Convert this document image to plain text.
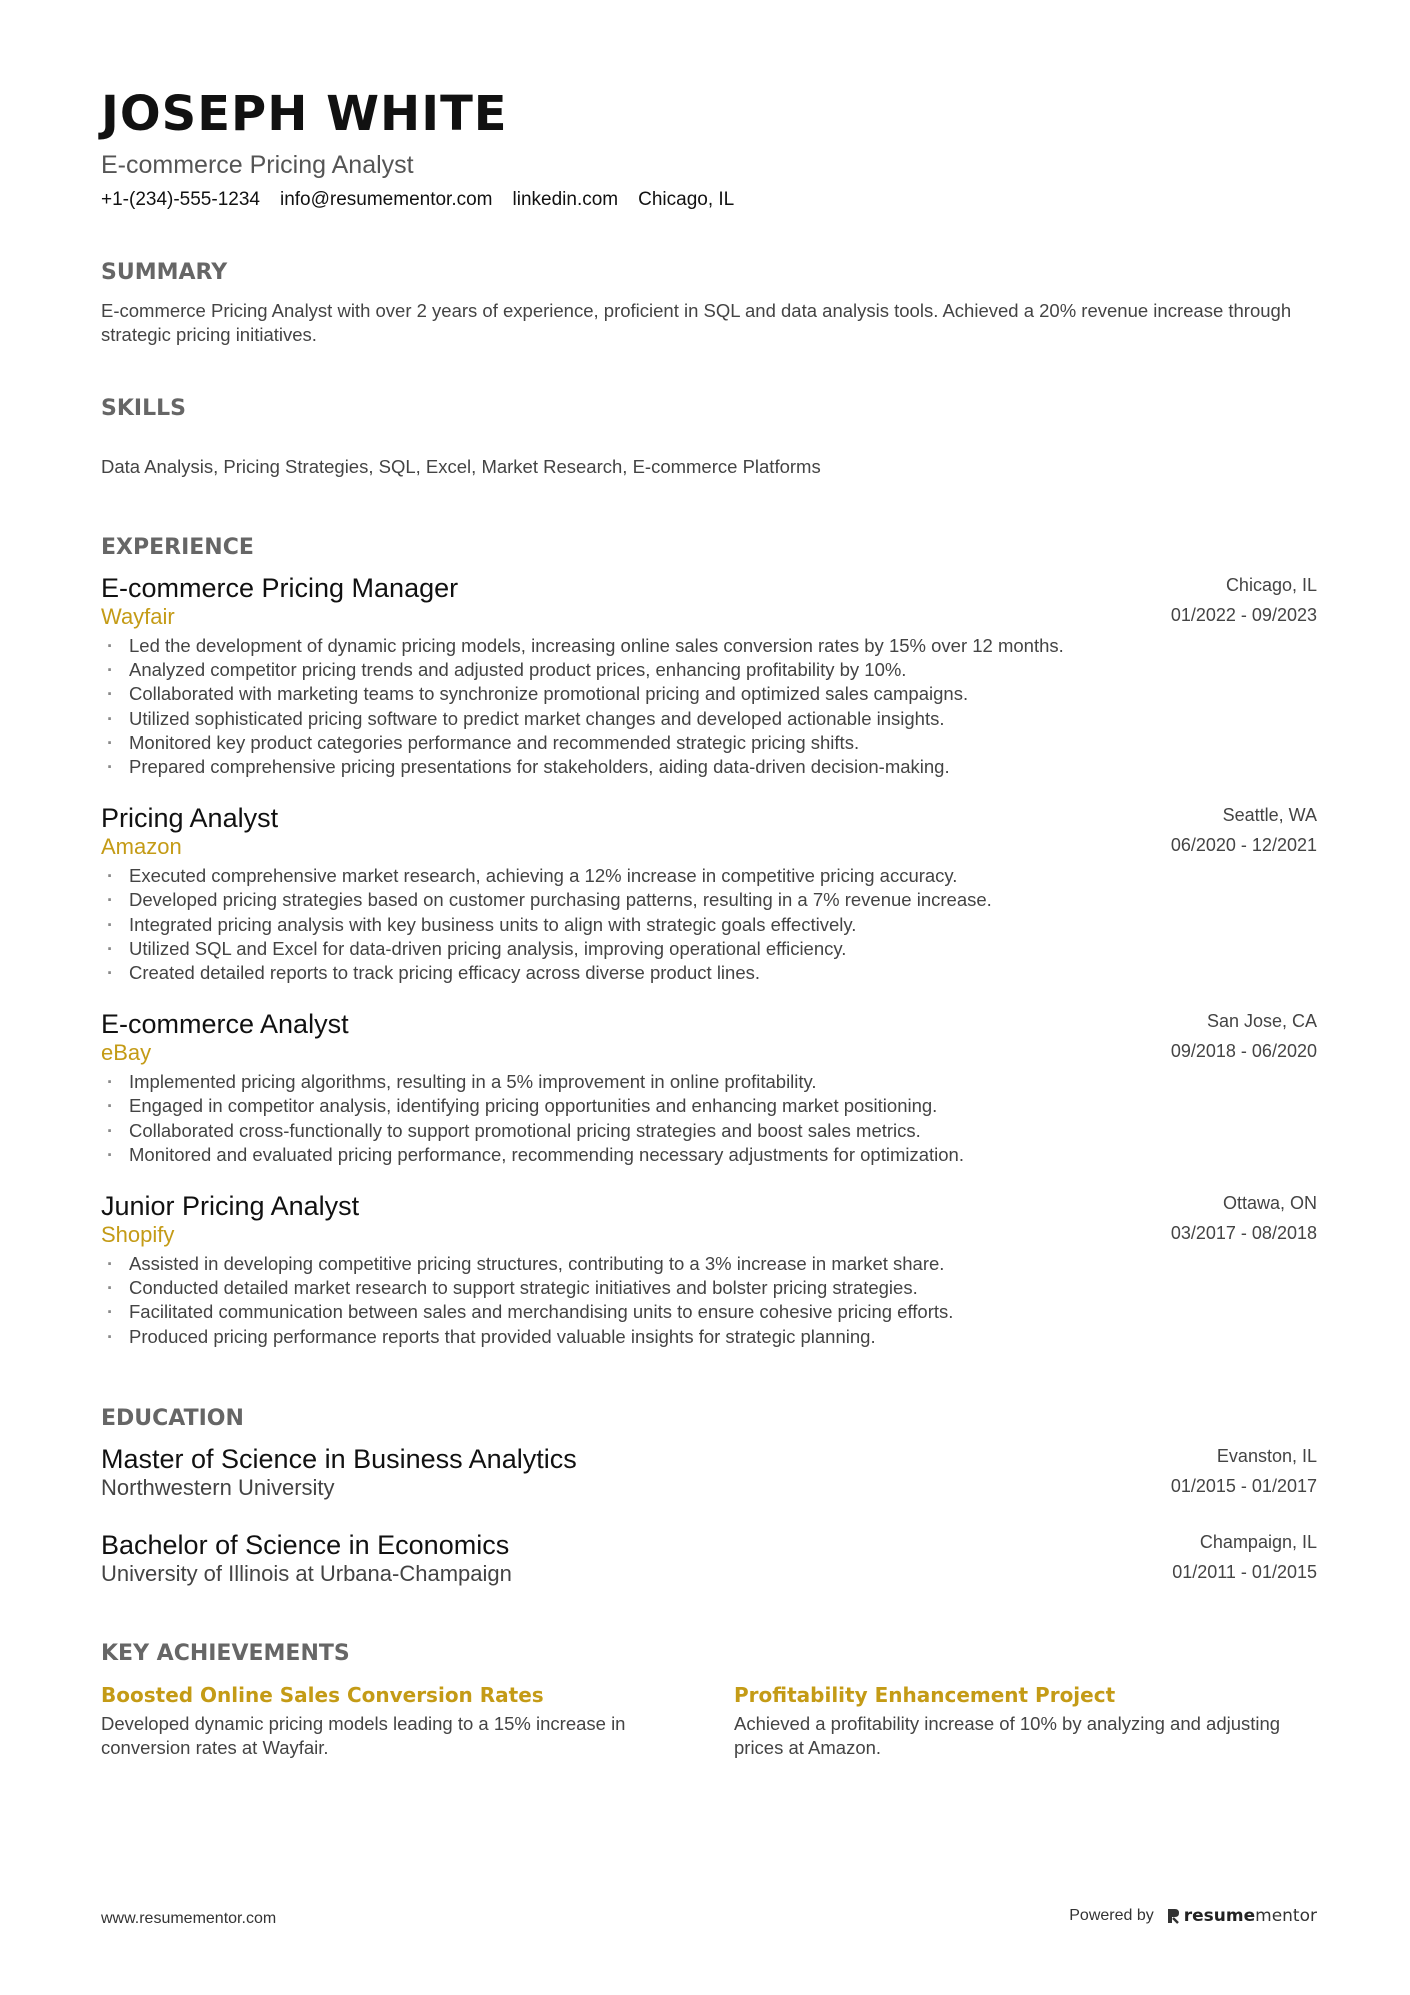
JOSEPH WHITE
E-commerce Pricing Analyst
+1-(234)-555-1234 info@resumementor.com linkedin.com Chicago, IL
SUMMARY
E-commerce Pricing Analyst with over 2 years of experience, proficient in SQL and data analysis tools. Achieved a 20% revenue increase through strategic pricing initiatives.
SKILLS
Data Analysis, Pricing Strategies, SQL, Excel, Market Research, E-commerce Platforms
EXPERIENCE
E-commerce Pricing Manager
Wayfair
Chicago, IL
01/2022 - 09/2023
· Led the development of dynamic pricing models, increasing online sales conversion rates by 15% over 12 months.
· Analyzed competitor pricing trends and adjusted product prices, enhancing profitability by 10%.
· Collaborated with marketing teams to synchronize promotional pricing and optimized sales campaigns.
· Utilized sophisticated pricing software to predict market changes and developed actionable insights.
· Monitored key product categories performance and recommended strategic pricing shifts.
· Prepared comprehensive pricing presentations for stakeholders, aiding data-driven decision-making.
Pricing Analyst
Amazon
Seattle, WA
06/2020 - 12/2021
· Executed comprehensive market research, achieving a 12% increase in competitive pricing accuracy.
· Developed pricing strategies based on customer purchasing patterns, resulting in a 7% revenue increase.
· Integrated pricing analysis with key business units to align with strategic goals effectively.
· Utilized SQL and Excel for data-driven pricing analysis, improving operational efficiency.
· Created detailed reports to track pricing efficacy across diverse product lines.
E-commerce Analyst
eBay
San Jose, CA
09/2018 - 06/2020
· Implemented pricing algorithms, resulting in a 5% improvement in online profitability.
· Engaged in competitor analysis, identifying pricing opportunities and enhancing market positioning.
· Collaborated cross-functionally to support promotional pricing strategies and boost sales metrics.
· Monitored and evaluated pricing performance, recommending necessary adjustments for optimization.
Junior Pricing Analyst
Shopify
Ottawa, ON
03/2017 - 08/2018
· Assisted in developing competitive pricing structures, contributing to a 3% increase in market share.
· Conducted detailed market research to support strategic initiatives and bolster pricing strategies.
· Facilitated communication between sales and merchandising units to ensure cohesive pricing efforts.
· Produced pricing performance reports that provided valuable insights for strategic planning.
EDUCATION
Master of Science in Business Analytics
Northwestern University
Evanston, IL
01/2015 - 01/2017
Bachelor of Science in Economics
University of Illinois at Urbana-Champaign
Champaign, IL
01/2011 - 01/2015
KEY ACHIEVEMENTS
Boosted Online Sales Conversion Rates
Developed dynamic pricing models leading to a 15% increase in conversion rates at Wayfair.
Profitability Enhancement Project
Achieved a profitability increase of 10% by analyzing and adjusting prices at Amazon.
www.resumementor.com	Powered by resume mentor
